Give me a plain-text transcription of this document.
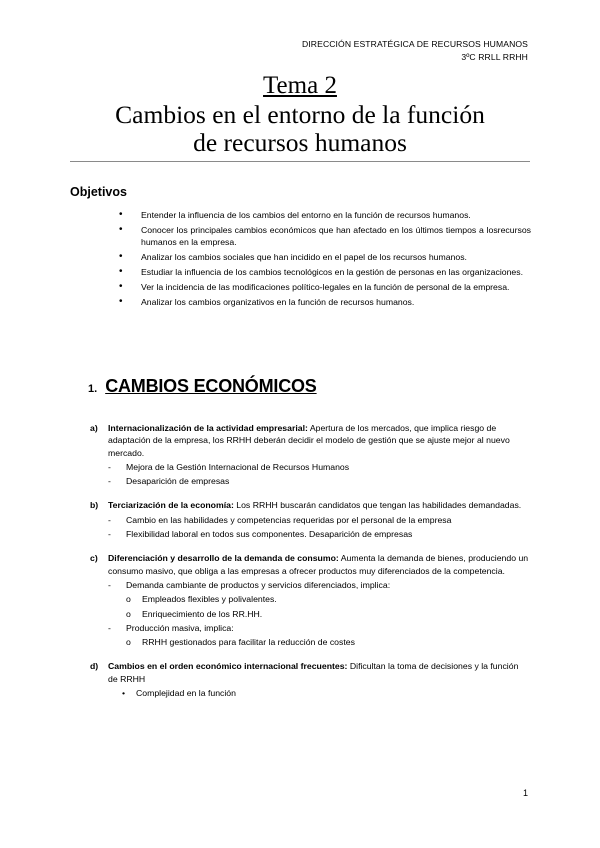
DIRECCIÓN ESTRATÉGICA DE RECURSOS HUMANOS
3ºC RRLL RRHH
Tema 2
Cambios en el entorno de la función
de recursos humanos
Objetivos
• Entender la influencia de los cambios del entorno en la función de recursos humanos.
• Conocer los principales cambios económicos que han afectado en los últimos tiempos a losrecursos humanos en la empresa.
• Analizar los cambios sociales que han incidido en el papel de los recursos humanos.
• Estudiar la influencia de los cambios tecnológicos en la gestión de personas en las organizaciones.
• Ver la incidencia de las modificaciones político-legales en la función de personal de la empresa.
• Analizar los cambios organizativos en la función de recursos humanos.
1. CAMBIOS ECONÓMICOS
a) Internacionalización de la actividad empresarial: Apertura de los mercados, que implica riesgo de adaptación de la empresa, los RRHH deberán decidir el modelo de gestión que se ajuste mejor al nuevo mercado.
- Mejora de la Gestión Internacional de Recursos Humanos
- Desaparición de empresas
b) Terciarización de la economía: Los RRHH buscarán candidatos que tengan las habilidades demandadas.
- Cambio en las habilidades y competencias requeridas por el personal de la empresa
- Flexibilidad laboral en todos sus componentes. Desaparición de empresas
c) Diferenciación y desarrollo de la demanda de consumo: Aumenta la demanda de bienes, produciendo un consumo masivo, que obliga a las empresas a ofrecer productos muy diferenciados de la competencia.
- Demanda cambiante de productos y servicios diferenciados, implica:
o Empleados flexibles y polivalentes.
o Enriquecimiento de los RR.HH.
- Producción masiva, implica:
o RRHH gestionados para facilitar la reducción de costes
d) Cambios en el orden económico internacional frecuentes: Dificultan la toma de decisiones y la función de RRHH
• Complejidad en la función
1
